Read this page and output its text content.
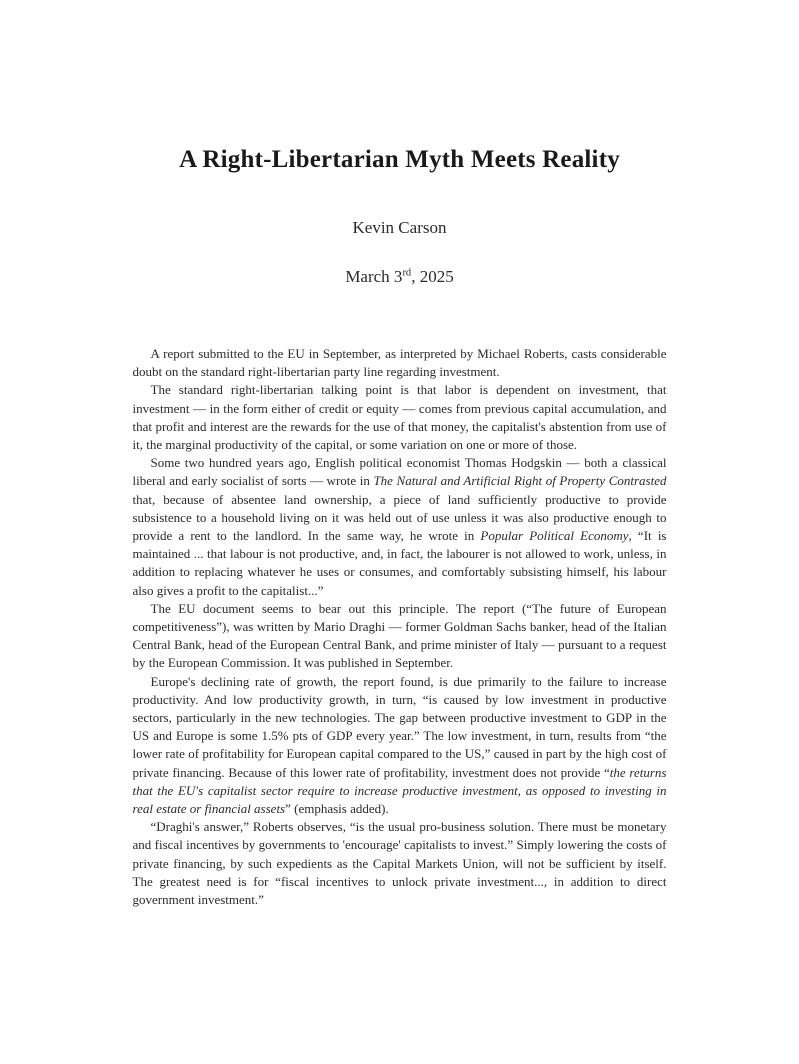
A Right-Libertarian Myth Meets Reality
Kevin Carson
March 3rd, 2025

A report submitted to the EU in September, as interpreted by Michael Roberts, casts considerable doubt on the standard right-libertarian party line regarding investment.

The standard right-libertarian talking point is that labor is dependent on investment, that investment — in the form either of credit or equity — comes from previous capital accumulation, and that profit and interest are the rewards for the use of that money, the capitalist's abstention from use of it, the marginal productivity of the capital, or some variation on one or more of those.

Some two hundred years ago, English political economist Thomas Hodgskin — both a classical liberal and early socialist of sorts — wrote in The Natural and Artificial Right of Property Contrasted that, because of absentee land ownership, a piece of land sufficiently productive to provide subsistence to a household living on it was held out of use unless it was also productive enough to provide a rent to the landlord. In the same way, he wrote in Popular Political Economy, “It is maintained ... that labour is not productive, and, in fact, the labourer is not allowed to work, unless, in addition to replacing whatever he uses or consumes, and comfortably subsisting himself, his labour also gives a profit to the capitalist...”

The EU document seems to bear out this principle. The report (“The future of European competitiveness”), was written by Mario Draghi — former Goldman Sachs banker, head of the Italian Central Bank, head of the European Central Bank, and prime minister of Italy — pursuant to a request by the European Commission. It was published in September.

Europe's declining rate of growth, the report found, is due primarily to the failure to increase productivity. And low productivity growth, in turn, “is caused by low investment in productive sectors, particularly in the new technologies. The gap between productive investment to GDP in the US and Europe is some 1.5% pts of GDP every year.” The low investment, in turn, results from “the lower rate of profitability for European capital compared to the US,” caused in part by the high cost of private financing. Because of this lower rate of profitability, investment does not provide “the returns that the EU's capitalist sector require to increase productive investment, as opposed to investing in real estate or financial assets” (emphasis added).

“Draghi's answer,” Roberts observes, “is the usual pro-business solution. There must be monetary and fiscal incentives by governments to 'encourage' capitalists to invest.” Simply lowering the costs of private financing, by such expedients as the Capital Markets Union, will not be sufficient by itself. The greatest need is for “fiscal incentives to unlock private investment..., in addition to direct government investment.”
